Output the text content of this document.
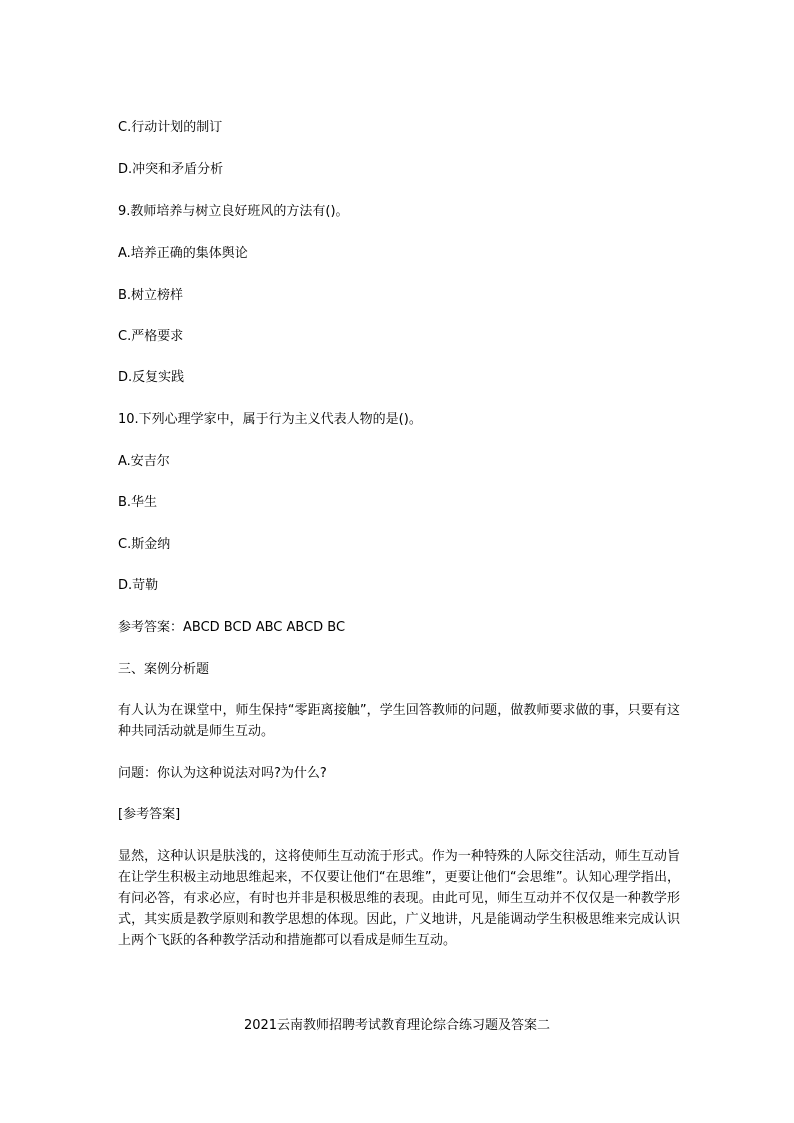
C.行动计划的制订
D.冲突和矛盾分析
9.教师培养与树立良好班风的方法有()。
A.培养正确的集体舆论
B.树立榜样
C.严格要求
D.反复实践
10.下列心理学家中，属于行为主义代表人物的是()。
A.安吉尔
B.华生
C.斯金纳
D.苛勒
参考答案：ABCD BCD ABC ABCD BC
三、案例分析题
有人认为在课堂中，师生保持“零距离接触”，学生回答教师的问题，做教师要求做的事，只要有这种共同活动就是师生互动。
问题：你认为这种说法对吗?为什么?
[参考答案]
显然，这种认识是肤浅的，这将使师生互动流于形式。作为一种特殊的人际交往活动，师生互动旨在让学生积极主动地思维起来，不仅要让他们“在思维”，更要让他们“会思维”。认知心理学指出，有问必答，有求必应，有时也并非是积极思维的表现。由此可见，师生互动并不仅仅是一种教学形式，其实质是教学原则和教学思想的体现。因此，广义地讲，凡是能调动学生积极思维来完成认识上两个飞跃的各种教学活动和措施都可以看成是师生互动。
2021云南教师招聘考试教育理论综合练习题及答案二
